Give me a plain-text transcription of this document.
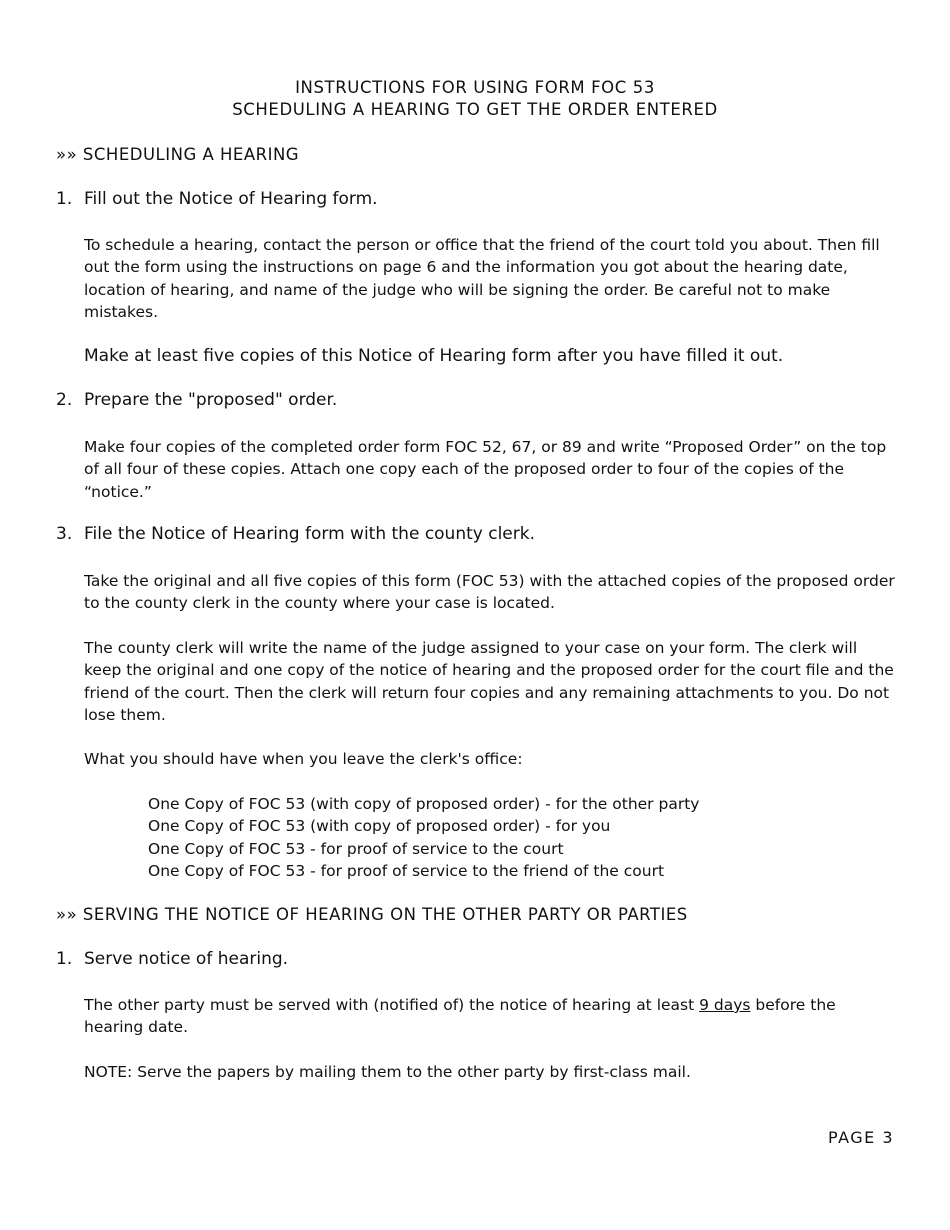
INSTRUCTIONS FOR USING FORM FOC 53
SCHEDULING A HEARING TO GET THE ORDER ENTERED
»» SCHEDULING A HEARING
1. Fill out the Notice of Hearing form.
To schedule a hearing, contact the person or office that the friend of the court told you about. Then fill out the form using the instructions on page 6 and the information you got about the hearing date, location of hearing, and name of the judge who will be signing the order. Be careful not to make mistakes.
Make at least five copies of this Notice of Hearing form after you have filled it out.
2. Prepare the "proposed" order.
Make four copies of the completed order form FOC 52, 67, or 89 and write “Proposed Order” on the top of all four of these copies. Attach one copy each of the proposed order to four of the copies of the “notice.”
3. File the Notice of Hearing form with the county clerk.
Take the original and all five copies of this form (FOC 53) with the attached copies of the proposed order to the county clerk in the county where your case is located.
The county clerk will write the name of the judge assigned to your case on your form. The clerk will keep the original and one copy of the notice of hearing and the proposed order for the court file and the friend of the court. Then the clerk will return four copies and any remaining attachments to you. Do not lose them.
What you should have when you leave the clerk's office:
One Copy of FOC 53 (with copy of proposed order) - for the other party
One Copy of FOC 53 (with copy of proposed order) - for you
One Copy of FOC 53 - for proof of service to the court
One Copy of FOC 53 - for proof of service to the friend of the court
»» SERVING THE NOTICE OF HEARING ON THE OTHER PARTY OR PARTIES
1. Serve notice of hearing.
The other party must be served with (notified of) the notice of hearing at least 9 days before the hearing date.
NOTE: Serve the papers by mailing them to the other party by first-class mail.
PAGE 3
